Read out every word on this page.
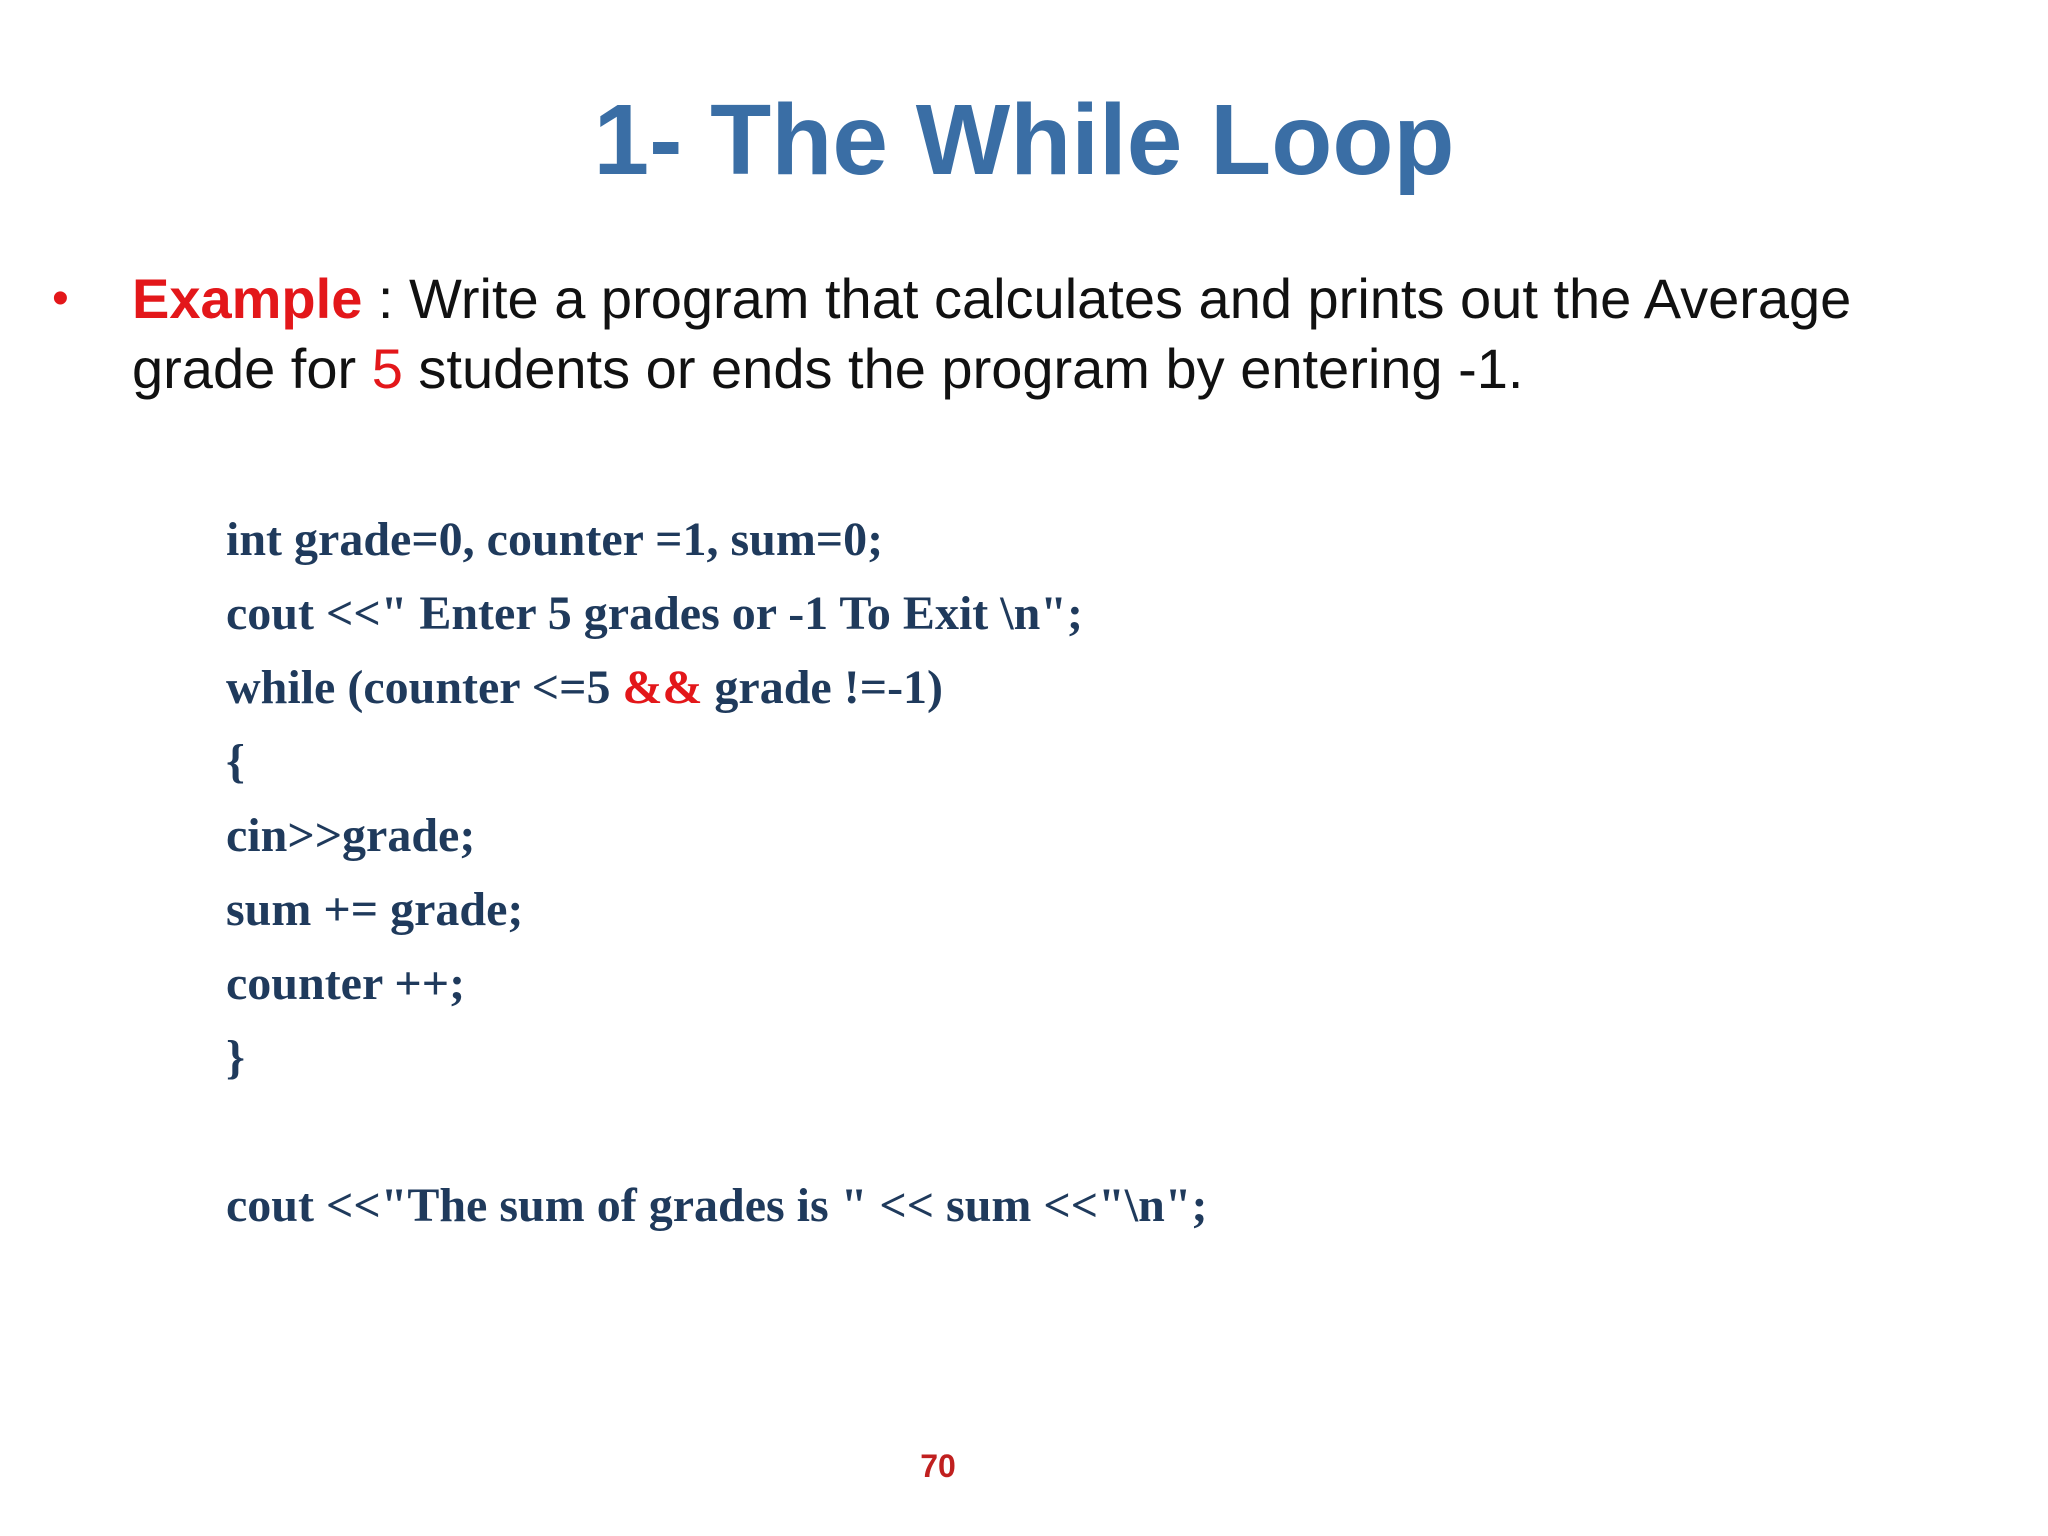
1- The While Loop
•	Example : Write a program that calculates and prints out the Average grade for 5 students or ends the program by entering -1.
int grade=0, counter =1, sum=0;
cout <<" Enter 5 grades or -1 To Exit \n";
while (counter <=5 && grade !=-1)
{
cin>>grade;
sum += grade;
counter ++;
}
cout <<"The sum of grades is " << sum <<"\n";
70
